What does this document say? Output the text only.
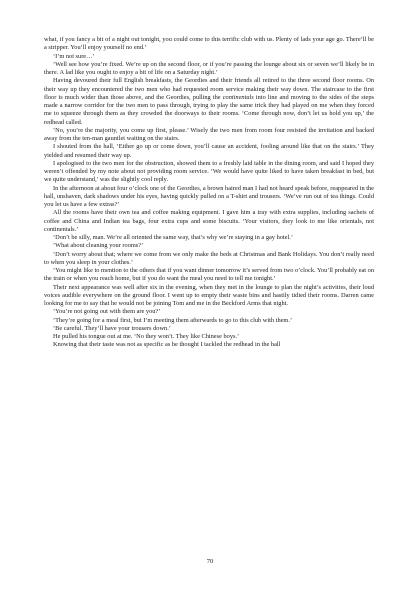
what, if you fancy a bit of a night out tonight, you could come to this terrific club with us. Plenty of lads your age go. There’ll be a stripper. You’ll enjoy yourself no end.’

‘I’m not sure…’

‘Well see how you’re fixed. We’re up on the second floor, or if you’re passing the lounge about six or seven we’ll likely be in there. A lad like you ought to enjoy a bit of life on a Saturday night.’

Having devoured their full English breakfasts, the Geordies and their friends all retired to the three second floor rooms. On their way up they encountered the two men who had requested room service making their way down. The staircase to the first floor is much wider than those above, and the Geordies, pulling the continentals into line and moving to the sides of the steps made a narrow corridor for the two men to pass through, trying to play the same trick they had played on me when they forced me to squeeze through them as they crowded the doorways to their rooms. ‘Come through now, don’t let us hold you up,’ the redhead called.

‘No, you’re the majority, you come up first, please.’ Wisely the two men from room four resisted the invitation and backed away from the ten-man gauntlet waiting on the stairs.

I shouted from the hall, ‘Either go up or come down, you’ll cause an accident, fooling around like that on the stairs.’ They yielded and resumed their way up.

I apologised to the two men for the obstruction, showed them to a freshly laid table in the dining room, and said I hoped they weren’t offended by my note about not providing room service. ‘We would have quite liked to have taken breakfast in bed, but we quite understand,’ was the slightly cool reply.

In the afternoon at about four o’clock one of the Geordies, a brown haired man I had not heard speak before, reappeared in the hall, unshaven, dark shadows under his eyes, having quickly pulled on a T-shirt and trousers. ‘We’ve run out of tea things. Could you let us have a few extras?’

All the rooms have their own tea and coffee making equipment. I gave him a tray with extra supplies, including sachets of coffee and China and Indian tea bags, four extra cups and some biscuits. ‘Your visitors, they look to me like orientals, not continentals.’

‘Don’t be silly, man. We’re all oriented the same way, that’s why we’re staying in a gay hotel.’

‘What about cleaning your rooms?’

‘Don’t worry about that; where we come from we only make the beds at Christmas and Bank Holidays. You don’t really need to when you sleep in your clothes.’

‘You might like to mention to the others that if you want dinner tomorrow it’s served from two o’clock. You’ll probably eat on the train or when you reach home, but if you do want the meal you need to tell me tonight.’

Their next appearance was well after six in the evening, when they met in the lounge to plan the night’s activities, their loud voices audible everywhere on the ground floor. I went up to empty their waste bins and hastily tidied their rooms. Darren came looking for me to say that he would not be joining Tom and me in the Beckford Arms that night.

‘You’re not going out with them are you?’

‘They’re going for a meal first, but I’m meeting them afterwards to go to this club with them.’

‘Be careful. They’ll have your trousers down.’

He pulled his tongue out at me. ‘No they won’t. They like Chinese boys.’

Knowing that their taste was not as specific as he thought I tackled the redhead in the hall

70
